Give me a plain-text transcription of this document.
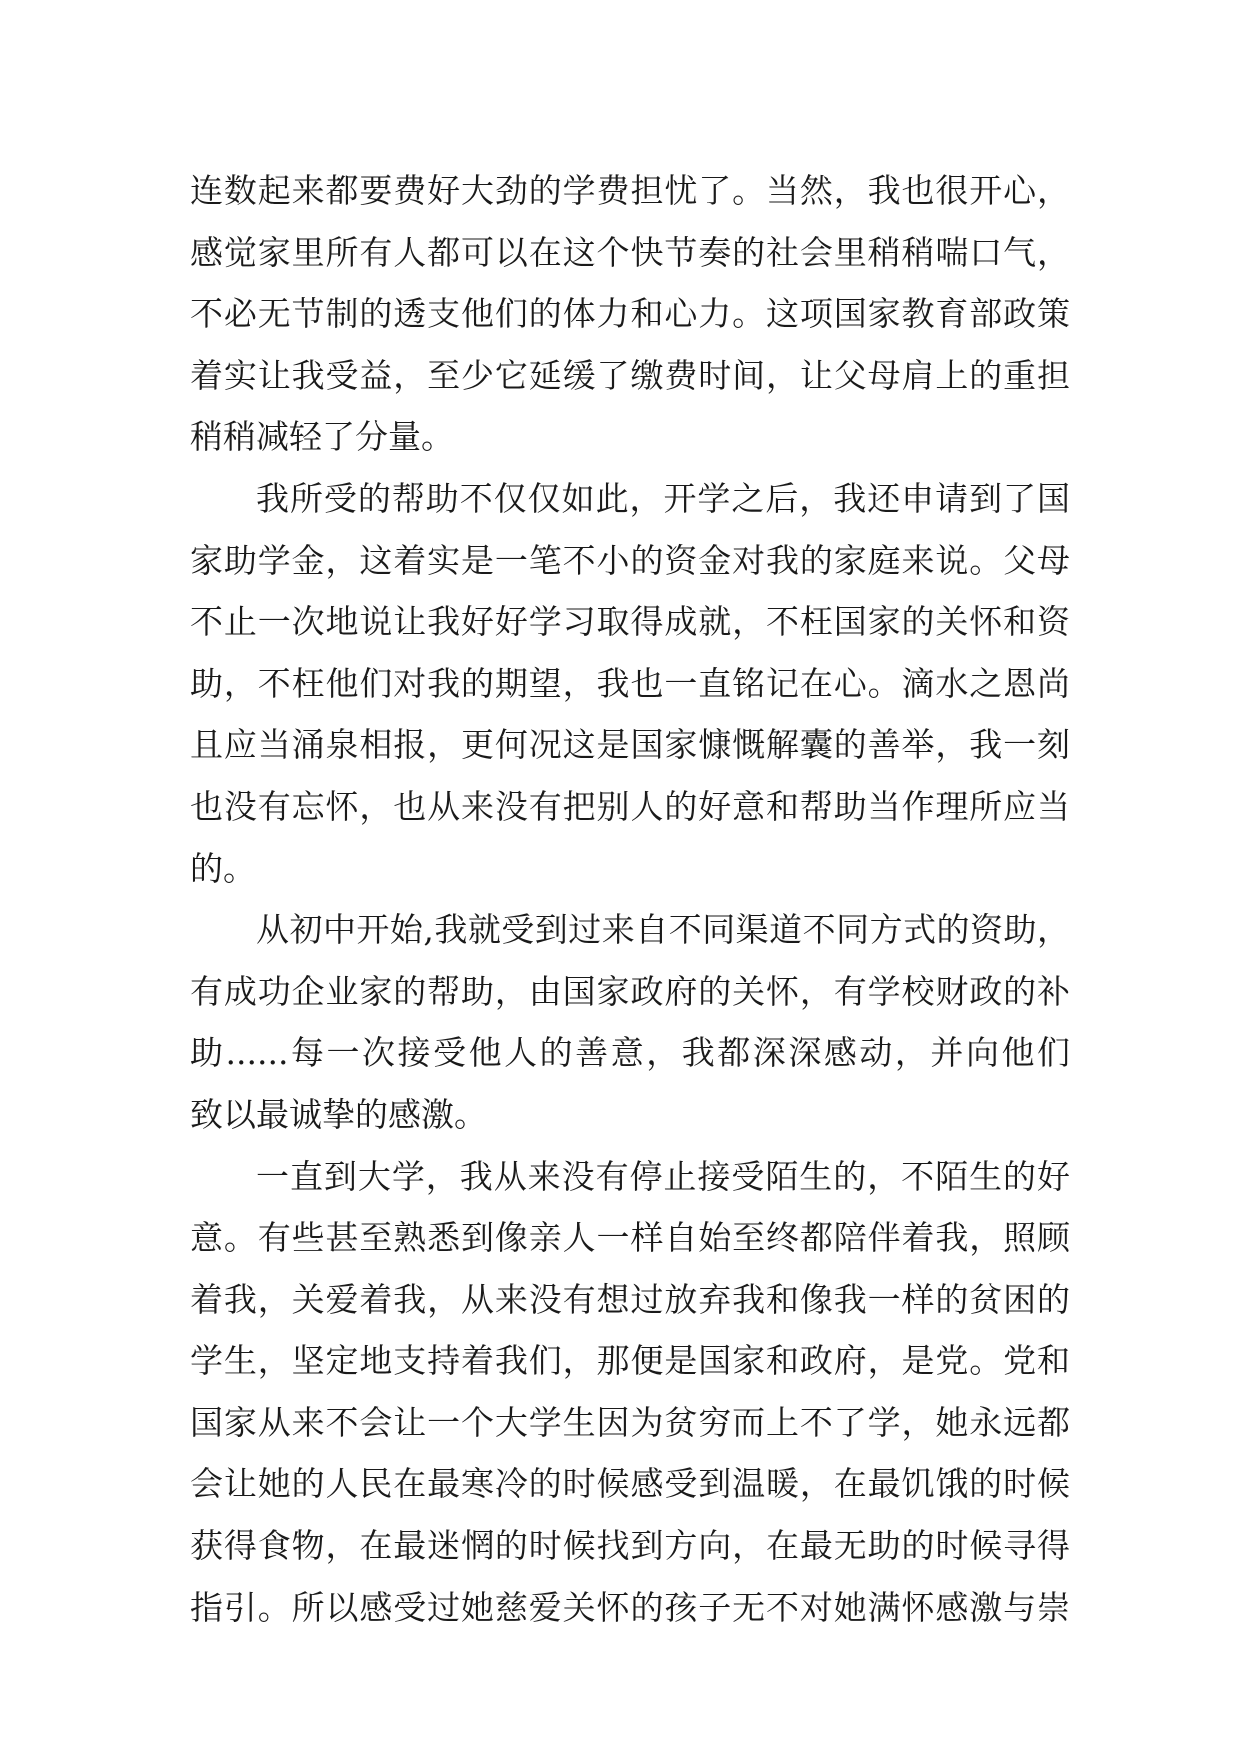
连数起来都要费好大劲的学费担忧了。当然，我也很开心，
感觉家里所有人都可以在这个快节奏的社会里稍稍喘口气，
不必无节制的透支他们的体力和心力。这项国家教育部政策
着实让我受益，至少它延缓了缴费时间，让父母肩上的重担
稍稍减轻了分量。
我所受的帮助不仅仅如此，开学之后，我还申请到了国
家助学金，这着实是一笔不小的资金对我的家庭来说。父母
不止一次地说让我好好学习取得成就，不枉国家的关怀和资
助，不枉他们对我的期望，我也一直铭记在心。滴水之恩尚
且应当涌泉相报，更何况这是国家慷慨解囊的善举，我一刻
也没有忘怀，也从来没有把别人的好意和帮助当作理所应当
的。
从初中开始,我就受到过来自不同渠道不同方式的资助，
有成功企业家的帮助，由国家政府的关怀，有学校财政的补
助......每一次接受他人的善意，我都深深感动，并向他们
致以最诚挚的感激。
一直到大学，我从来没有停止接受陌生的，不陌生的好
意。有些甚至熟悉到像亲人一样自始至终都陪伴着我，照顾
着我，关爱着我，从来没有想过放弃我和像我一样的贫困的
学生，坚定地支持着我们，那便是国家和政府，是党。党和
国家从来不会让一个大学生因为贫穷而上不了学，她永远都
会让她的人民在最寒冷的时候感受到温暖，在最饥饿的时候
获得食物，在最迷惘的时候找到方向，在最无助的时候寻得
指引。所以感受过她慈爱关怀的孩子无不对她满怀感激与崇
